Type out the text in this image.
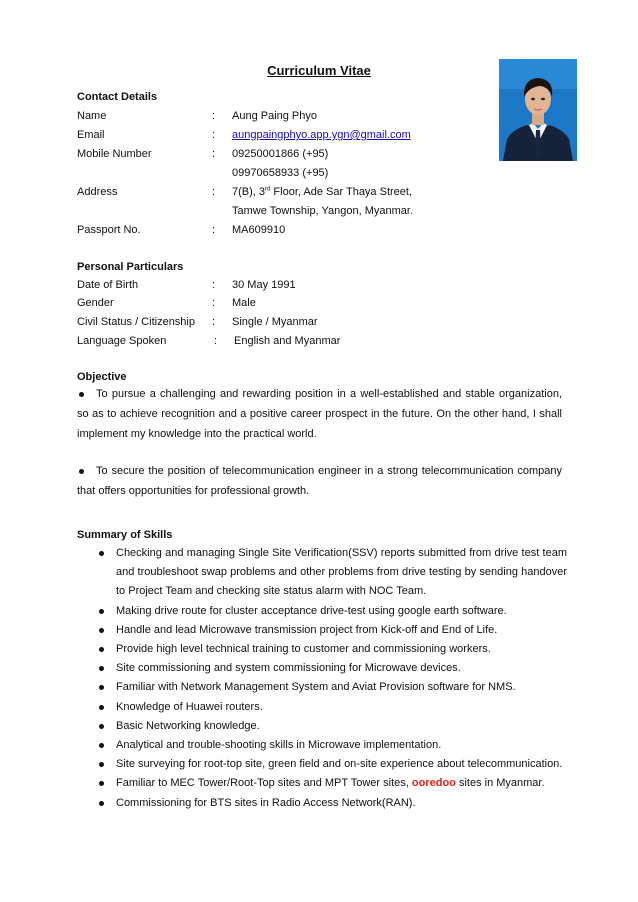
Curriculum Vitae
Contact Details
Name	: Aung Paing Phyo
Email	: aungpaingphyo.app.ygn@gmail.com
Mobile Number	: 09250001866 (+95)
09970658933 (+95)
Address	: 7(B), 3rd Floor, Ade Sar Thaya Street,
Tamwe Township, Yangon, Myanmar.
Passport No.	: MA609910
Personal Particulars
Date of Birth	: 30 May 1991
Gender	: Male
Civil Status / Citizenship : Single / Myanmar
Language Spoken	: English and Myanmar
Objective
To pursue a challenging and rewarding position in a well-established and stable organization, so as to achieve recognition and a positive career prospect in the future. On the other hand, I shall implement my knowledge into the practical world.
To secure the position of telecommunication engineer in a strong telecommunication company that offers opportunities for professional growth.
Summary of Skills
Checking and managing Single Site Verification(SSV) reports submitted from drive test team and troubleshoot swap problems and other problems from drive testing by sending handover to Project Team and checking site status alarm with NOC Team.
Making drive route for cluster acceptance drive-test using google earth software.
Handle and lead Microwave transmission project from Kick-off and End of Life.
Provide high level technical training to customer and commissioning workers.
Site commissioning and system commissioning for Microwave devices.
Familiar with Network Management System and Aviat Provision software for NMS.
Knowledge of Huawei routers.
Basic Networking knowledge.
Analytical and trouble-shooting skills in Microwave implementation.
Site surveying for root-top site, green field and on-site experience about telecommunication.
Familiar to MEC Tower/Root-Top sites and MPT Tower sites, ooredoo sites in Myanmar.
Commissioning for BTS sites in Radio Access Network(RAN).
